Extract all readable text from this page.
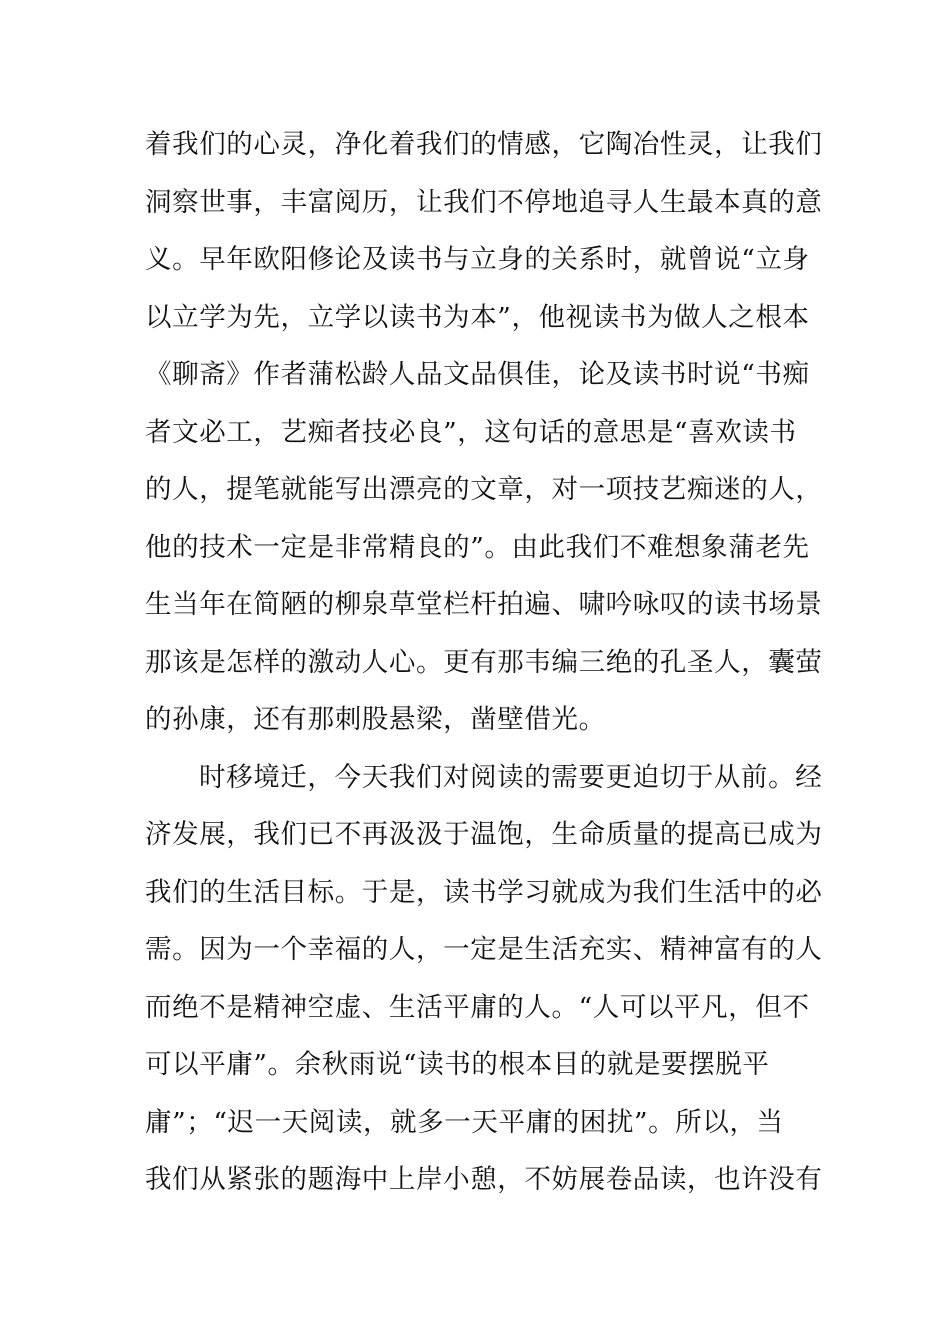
着我们的心灵，净化着我们的情感，它陶冶性灵，让我们
洞察世事，丰富阅历，让我们不停地追寻人生最本真的意
义。早年欧阳修论及读书与立身的关系时，就曾说“立身
以立学为先，立学以读书为本”，他视读书为做人之根本
《聊斋》作者蒲松龄人品文品俱佳，论及读书时说“书痴
者文必工，艺痴者技必良”，这句话的意思是“喜欢读书
的人，提笔就能写出漂亮的文章，对一项技艺痴迷的人，
他的技术一定是非常精良的”。由此我们不难想象蒲老先
生当年在简陋的柳泉草堂栏杆拍遍、啸吟咏叹的读书场景
那该是怎样的激动人心。更有那韦编三绝的孔圣人，囊萤
的孙康，还有那刺股悬梁，凿壁借光。
时移境迁，今天我们对阅读的需要更迫切于从前。经
济发展，我们已不再汲汲于温饱，生命质量的提高已成为
我们的生活目标。于是，读书学习就成为我们生活中的必
需。因为一个幸福的人，一定是生活充实、精神富有的人
而绝不是精神空虚、生活平庸的人。“人可以平凡，但不
可以平庸”。余秋雨说“读书的根本目的就是要摆脱平
庸”；“迟一天阅读，就多一天平庸的困扰”。所以，当
我们从紧张的题海中上岸小憩，不妨展卷品读，也许没有
